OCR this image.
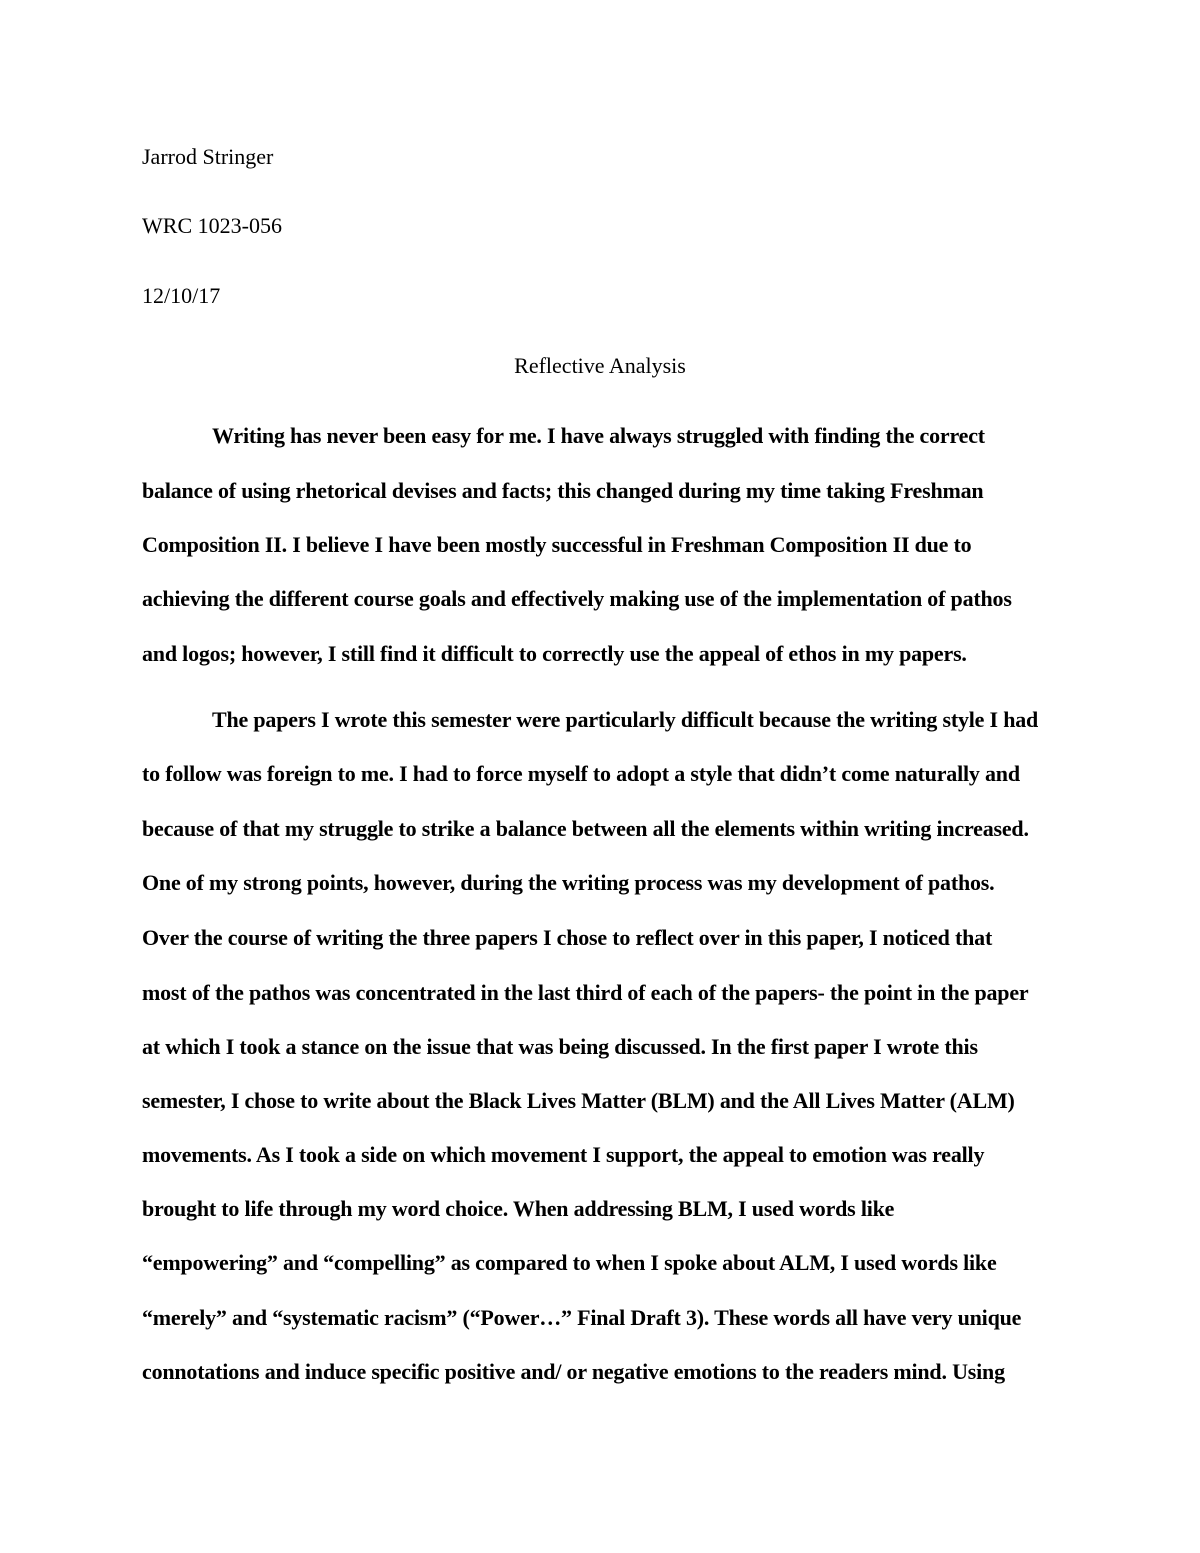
Jarrod Stringer
WRC 1023-056
12/10/17
Reflective Analysis
Writing has never been easy for me. I have always struggled with finding the correct
balance of using rhetorical devises and facts; this changed during my time taking Freshman
Composition II. I believe I have been mostly successful in Freshman Composition II due to
achieving the different course goals and effectively making use of the implementation of pathos
and logos; however, I still find it difficult to correctly use the appeal of ethos in my papers.
The papers I wrote this semester were particularly difficult because the writing style I had
to follow was foreign to me. I had to force myself to adopt a style that didn’t come naturally and
because of that my struggle to strike a balance between all the elements within writing increased.
One of my strong points, however, during the writing process was my development of pathos.
Over the course of writing the three papers I chose to reflect over in this paper, I noticed that
most of the pathos was concentrated in the last third of each of the papers- the point in the paper
at which I took a stance on the issue that was being discussed. In the first paper I wrote this
semester, I chose to write about the Black Lives Matter (BLM) and the All Lives Matter (ALM)
movements. As I took a side on which movement I support, the appeal to emotion was really
brought to life through my word choice. When addressing BLM, I used words like
“empowering” and “compelling” as compared to when I spoke about ALM, I used words like
“merely” and “systematic racism” (“Power…” Final Draft 3). These words all have very unique
connotations and induce specific positive and/ or negative emotions to the readers mind. Using
